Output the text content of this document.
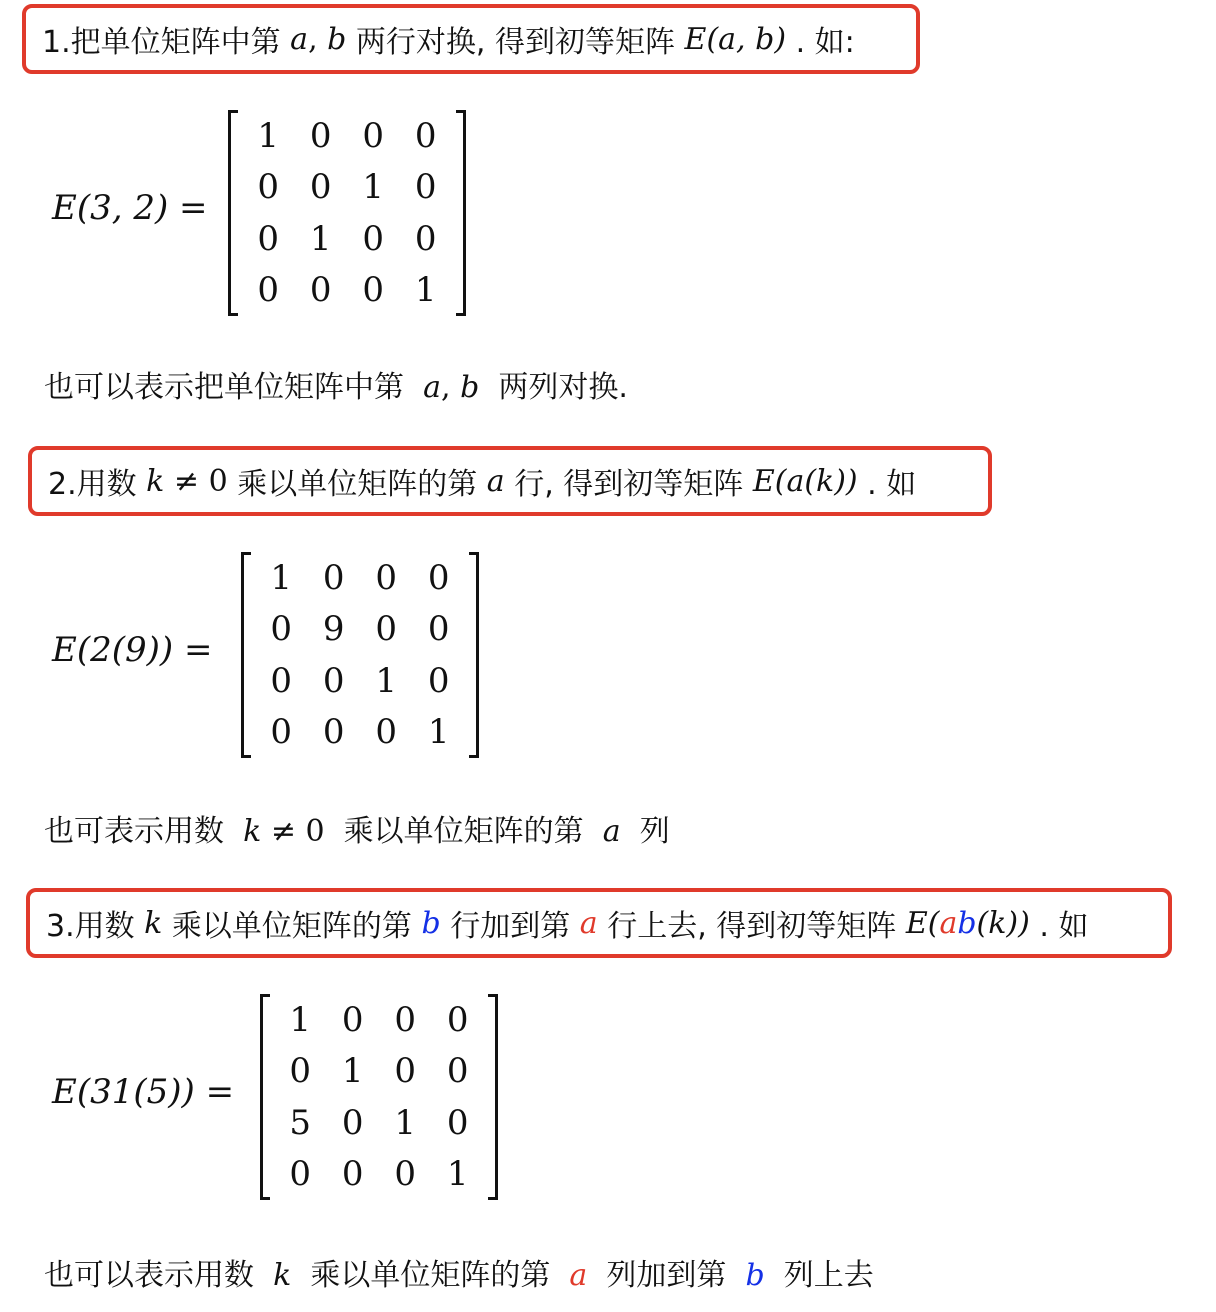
1.把单位矩阵中第
a ,
b
两行对换, 得到初等矩阵
E(a, b)
. 如:
E(3, 2) =
1 0 0 0
0 0 1 0
0 1 0 0
0 0 0 1
也可以表示把单位矩阵中第 a, b 两列对换.
2.用数
k
≠
0
乘以单位矩阵的第
a
行, 得到初等矩阵
E(a(k))
. 如
E(2(9)) =
1 0 0 0
0 9 0 0
0 0 1 0
0 0 0 1
也可表示用数 k ≠ 0 乘以单位矩阵的第 a 列
3.用数
k
乘以单位矩阵的第
b
行加到第
a
行上去, 得到初等矩阵
E(ab(k))
. 如
E(31(5)) =
1 0 0 0
0 1 0 0
5 0 1 0
0 0 0 1
也可以表示用数 k 乘以单位矩阵的第 a 列加到第 b 列上去
